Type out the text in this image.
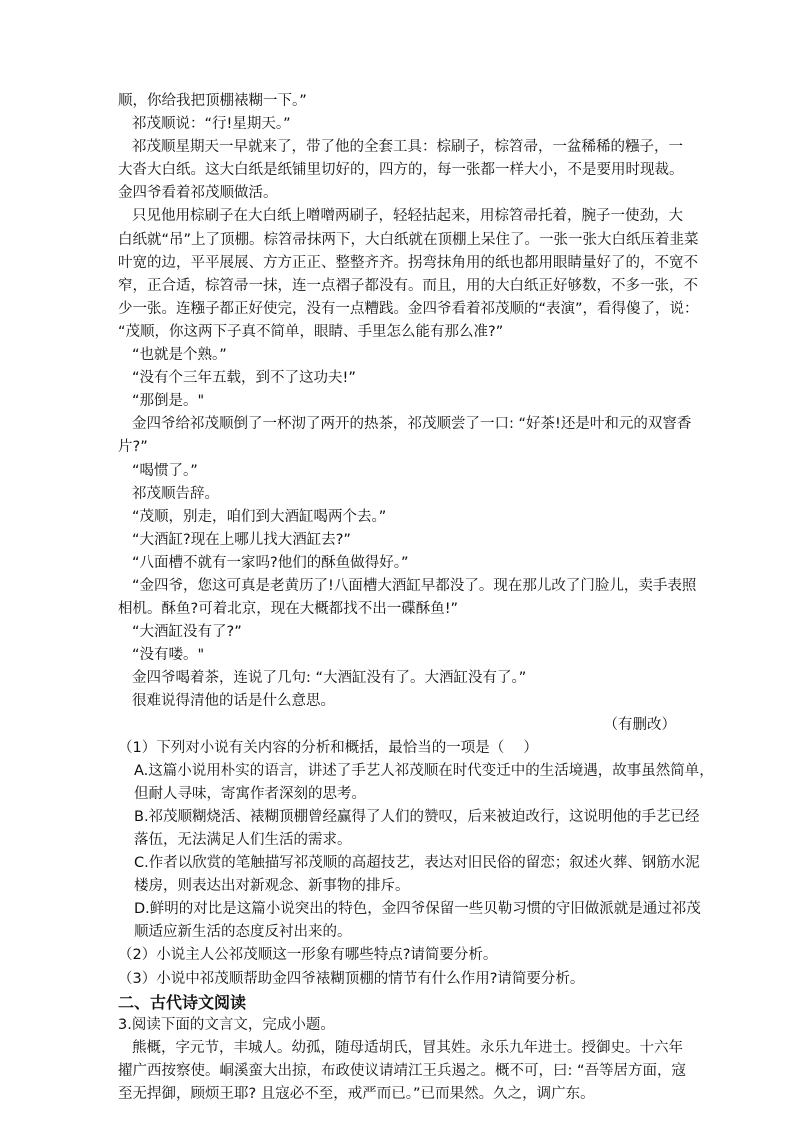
顺，你给我把顶棚裱糊一下。”
祁茂顺说：“行!星期天。”
祁茂顺星期天一早就来了，带了他的全套工具：棕刷子，棕笤帚，一盆稀稀的糨子，一
大沓大白纸。这大白纸是纸铺里切好的，四方的，每一张都一样大小，不是要用时现裁。
金四爷看着祁茂顺做活。
只见他用棕刷子在大白纸上噌噌两刷子，轻轻拈起来，用棕笤帚托着，腕子一使劲，大
白纸就“吊”上了顶棚。棕笤帚抹两下，大白纸就在顶棚上呆住了。一张一张大白纸压着韭菜
叶宽的边，平平展展、方方正正、整整齐齐。拐弯抹角用的纸也都用眼睛量好了的，不宽不
窄，正合适，棕笤帚一抹，连一点褶子都没有。而且，用的大白纸正好够数，不多一张，不
少一张。连糨子都正好使完，没有一点糟践。金四爷看着祁茂顺的“表演”，看得傻了，说：
“茂顺，你这两下子真不简单，眼睛、手里怎么能有那么准?”
“也就是个熟。”
“没有个三年五载，到不了这功夫!”
“那倒是。"
金四爷给祁茂顺倒了一杯沏了两开的热茶，祁茂顺尝了一口: “好茶!还是叶和元的双窨香
片?”
“喝惯了。”
祁茂顺告辞。
“茂顺，别走，咱们到大酒缸喝两个去。”
“大酒缸?现在上哪儿找大酒缸去?”
“八面槽不就有一家吗?他们的酥鱼做得好。”
“金四爷，您这可真是老黄历了!八面槽大酒缸早都没了。现在那儿改了门脸儿，卖手表照
相机。酥鱼?可着北京，现在大概都找不出一碟酥鱼!”
“大酒缸没有了?”
“没有喽。"
金四爷喝着茶，连说了几句: “大酒缸没有了。大酒缸没有了。”
很难说得清他的话是什么意思。
（有删改）
（1）下列对小说有关内容的分析和概括，最恰当的一项是（　 ）
A.这篇小说用朴实的语言，讲述了手艺人祁茂顺在时代变迁中的生活境遇，故事虽然简单，
但耐人寻味，寄寓作者深刻的思考。
B.祁茂顺糊烧活、裱糊顶棚曾经赢得了人们的赞叹，后来被迫改行，这说明他的手艺已经
落伍，无法满足人们生活的需求。
C.作者以欣赏的笔触描写祁茂顺的高超技艺，表达对旧民俗的留恋；叙述火葬、钢筋水泥
楼房，则表达出对新观念、新事物的排斥。
D.鲜明的对比是这篇小说突出的特色，金四爷保留一些贝勒习惯的守旧做派就是通过祁茂
顺适应新生活的态度反衬出来的。
（2）小说主人公祁茂顺这一形象有哪些特点?请简要分析。
（3）小说中祁茂顺帮助金四爷裱糊顶棚的情节有什么作用?请简要分析。
二、古代诗文阅读
3.阅读下面的文言文，完成小题。
熊概，字元节，丰城人。幼孤，随母适胡氏，冒其姓。永乐九年进士。授御史。十六年
擢广西按察使。峒溪蛮大出掠，布政使议请靖江王兵遏之。概不可，曰: “吾等居方面，寇
至无捍御，顾烦王耶? 且寇必不至，戒严而已。”已而果然。久之，调广东。
